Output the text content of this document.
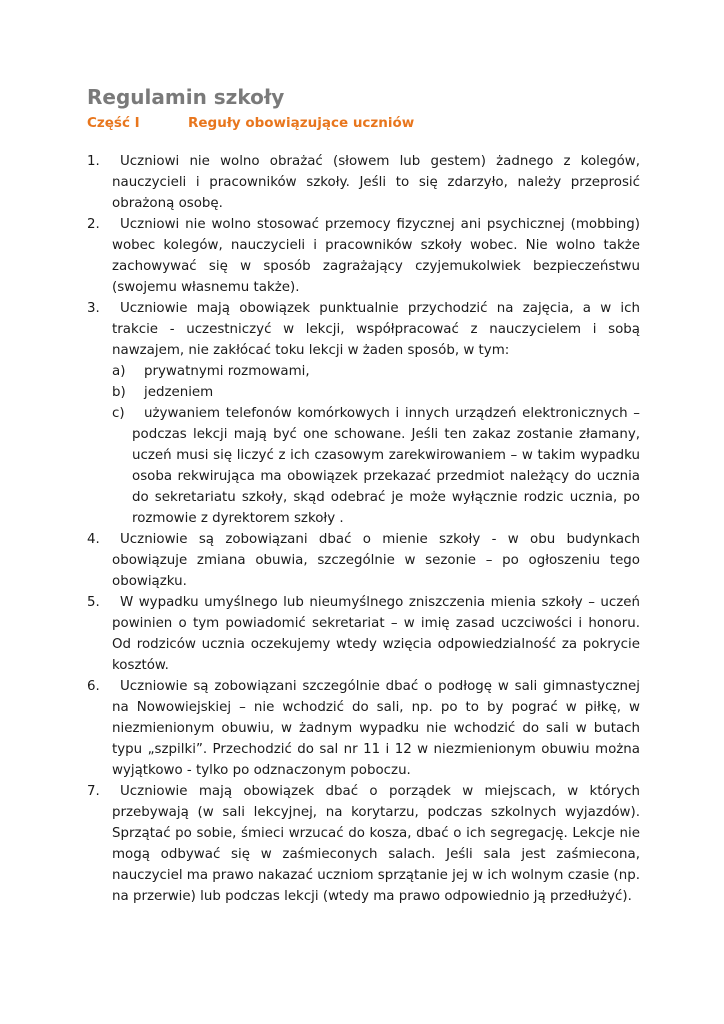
Regulamin szkoły
Część I	Reguły obowiązujące uczniów
1.	Uczniowi nie wolno obrażać (słowem lub gestem) żadnego z kolegów, nauczycieli i pracowników szkoły. Jeśli to się zdarzyło, należy przeprosić obrażoną osobę.
2.	Uczniowi nie wolno stosować przemocy fizycznej ani psychicznej (mobbing) wobec kolegów, nauczycieli i pracowników szkoły wobec. Nie wolno także zachowywać się w sposób zagrażający czyjemukolwiek bezpieczeństwu (swojemu własnemu także).
3.	Uczniowie mają obowiązek punktualnie przychodzić na zajęcia, a w ich trakcie - uczestniczyć w lekcji, współpracować z nauczycielem i sobą nawzajem, nie zakłócać toku lekcji w żaden sposób, w tym:
a)	prywatnymi rozmowami,
b)	jedzeniem
c)	używaniem telefonów komórkowych i innych urządzeń elektronicznych – podczas lekcji mają być one schowane. Jeśli ten zakaz zostanie złamany, uczeń musi się liczyć z ich czasowym zarekwirowaniem – w takim wypadku osoba rekwirująca ma obowiązek przekazać przedmiot należący do ucznia do sekretariatu szkoły, skąd odebrać je może wyłącznie rodzic ucznia, po rozmowie z dyrektorem szkoły .
4.	Uczniowie są zobowiązani dbać o mienie szkoły - w obu budynkach obowiązuje zmiana obuwia, szczególnie w sezonie – po ogłoszeniu tego obowiązku.
5.	W wypadku umyślnego lub nieumyślnego zniszczenia mienia szkoły – uczeń powinien o tym powiadomić sekretariat – w imię zasad uczciwości i honoru. Od rodziców ucznia oczekujemy wtedy wzięcia odpowiedzialność za pokrycie kosztów.
6.	Uczniowie są zobowiązani szczególnie dbać o podłogę w sali gimnastycznej na Nowowiejskiej – nie wchodzić do sali, np. po to by pograć w piłkę, w niezmienionym obuwiu, w żadnym wypadku nie wchodzić do sali w butach typu „szpilki”. Przechodzić do sal nr 11 i 12 w niezmienionym obuwiu można wyjątkowo - tylko po odznaczonym poboczu.
7.	Uczniowie mają obowiązek dbać o porządek w miejscach, w których przebywają (w sali lekcyjnej, na korytarzu, podczas szkolnych wyjazdów). Sprzątać po sobie, śmieci wrzucać do kosza, dbać o ich segregację. Lekcje nie mogą odbywać się w zaśmieconych salach. Jeśli sala jest zaśmiecona, nauczyciel ma prawo nakazać uczniom sprzątanie jej w ich wolnym czasie (np. na przerwie) lub podczas lekcji (wtedy ma prawo odpowiednio ją przedłużyć).
